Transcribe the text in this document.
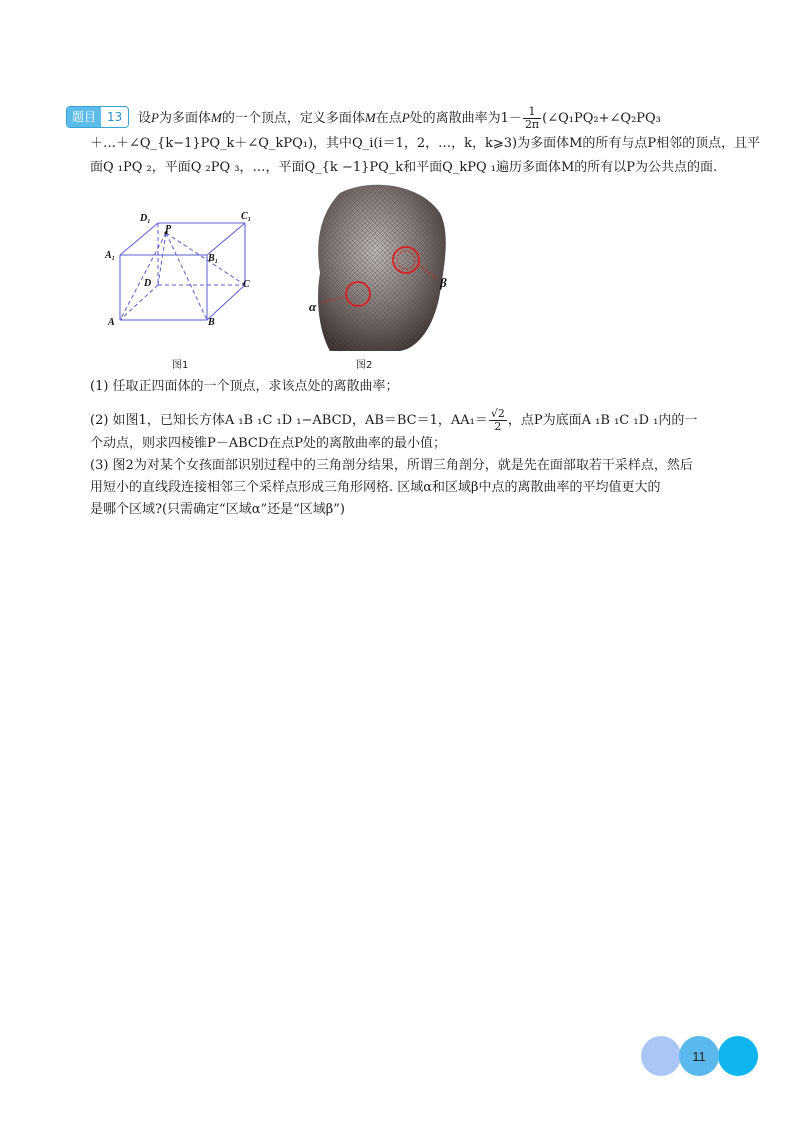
题目 13	设P为多面体M的一个顶点，定义多面体M在点P处的离散曲率为$1- \frac{1}{2\pi}$ (∠Q₁PQ₂+∠Q₂PQ₃
＋…＋∠Q_{k−1}PQ_k＋∠Q_kPQ₁)，其中Q_i(i＝1，2，…，k，k⩾3)为多面体M的所有与点P相邻的顶点，且平
面Q ₁PQ ₂，平面Q ₂PQ ₃，…，平面Q_{k −1}PQ_k和平面Q_kPQ ₁遍历多面体M的所有以P为公共点的面.
D₁	C₁
P
A₁	B₁
D	C
A	B
图1
α
β
图2
(1) 任取正四面体的一个顶点，求该点处的离散曲率；
(2) 如图1，已知长方体A ₁B ₁C ₁D ₁−ABCD，AB＝BC＝1，$AA_1= \frac{√2}{2}$ ，点P为底面A ₁B ₁C ₁D ₁内的一
个动点，则求四棱锥P－ABCD在点P处的离散曲率的最小值；
(3) 图2为对某个女孩面部识别过程中的三角剖分结果，所谓三角剖分，就是先在面部取若干采样点，然后
用短小的直线段连接相邻三个采样点形成三角形网格. 区域α和区域β中点的离散曲率的平均值更大的
是哪个区域?(只需确定“区域α”还是“区域β”)
11
